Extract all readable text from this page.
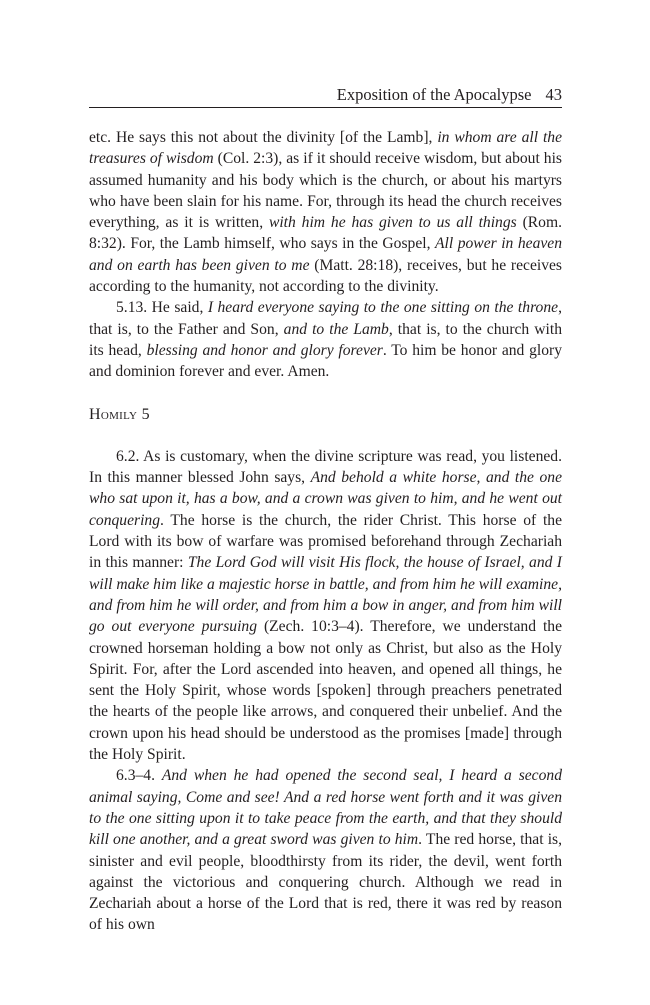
Exposition of the Apocalypse 43

etc. He says this not about the divinity [of the Lamb], in whom are all the treasures of wisdom (Col. 2:3), as if it should receive wisdom, but about his assumed humanity and his body which is the church, or about his martyrs who have been slain for his name. For, through its head the church receives everything, as it is written, with him he has given to us all things (Rom. 8:32). For, the Lamb himself, who says in the Gospel, All power in heaven and on earth has been given to me (Matt. 28:18), receives, but he receives according to the humanity, not according to the divinity.

5.13. He said, I heard everyone saying to the one sitting on the throne, that is, to the Father and Son, and to the Lamb, that is, to the church with its head, blessing and honor and glory forever. To him be honor and glory and dominion forever and ever. Amen.

Homily 5

6.2. As is customary, when the divine scripture was read, you listened. In this manner blessed John says, And behold a white horse, and the one who sat upon it, has a bow, and a crown was given to him, and he went out conquering. The horse is the church, the rider Christ. This horse of the Lord with its bow of warfare was promised beforehand through Zechariah in this manner: The Lord God will visit His flock, the house of Israel, and I will make him like a majestic horse in battle, and from him he will examine, and from him he will order, and from him a bow in anger, and from him will go out everyone pursuing (Zech. 10:3–4). Therefore, we understand the crowned horseman holding a bow not only as Christ, but also as the Holy Spirit. For, after the Lord ascended into heaven, and opened all things, he sent the Holy Spirit, whose words [spoken] through preachers penetrated the hearts of the people like arrows, and conquered their unbelief. And the crown upon his head should be understood as the promises [made] through the Holy Spirit.

6.3–4. And when he had opened the second seal, I heard a second animal saying, Come and see! And a red horse went forth and it was given to the one sitting upon it to take peace from the earth, and that they should kill one another, and a great sword was given to him. The red horse, that is, sinister and evil people, bloodthirsty from its rider, the devil, went forth against the victorious and conquering church. Although we read in Zechariah about a horse of the Lord that is red, there it was red by reason of his own
